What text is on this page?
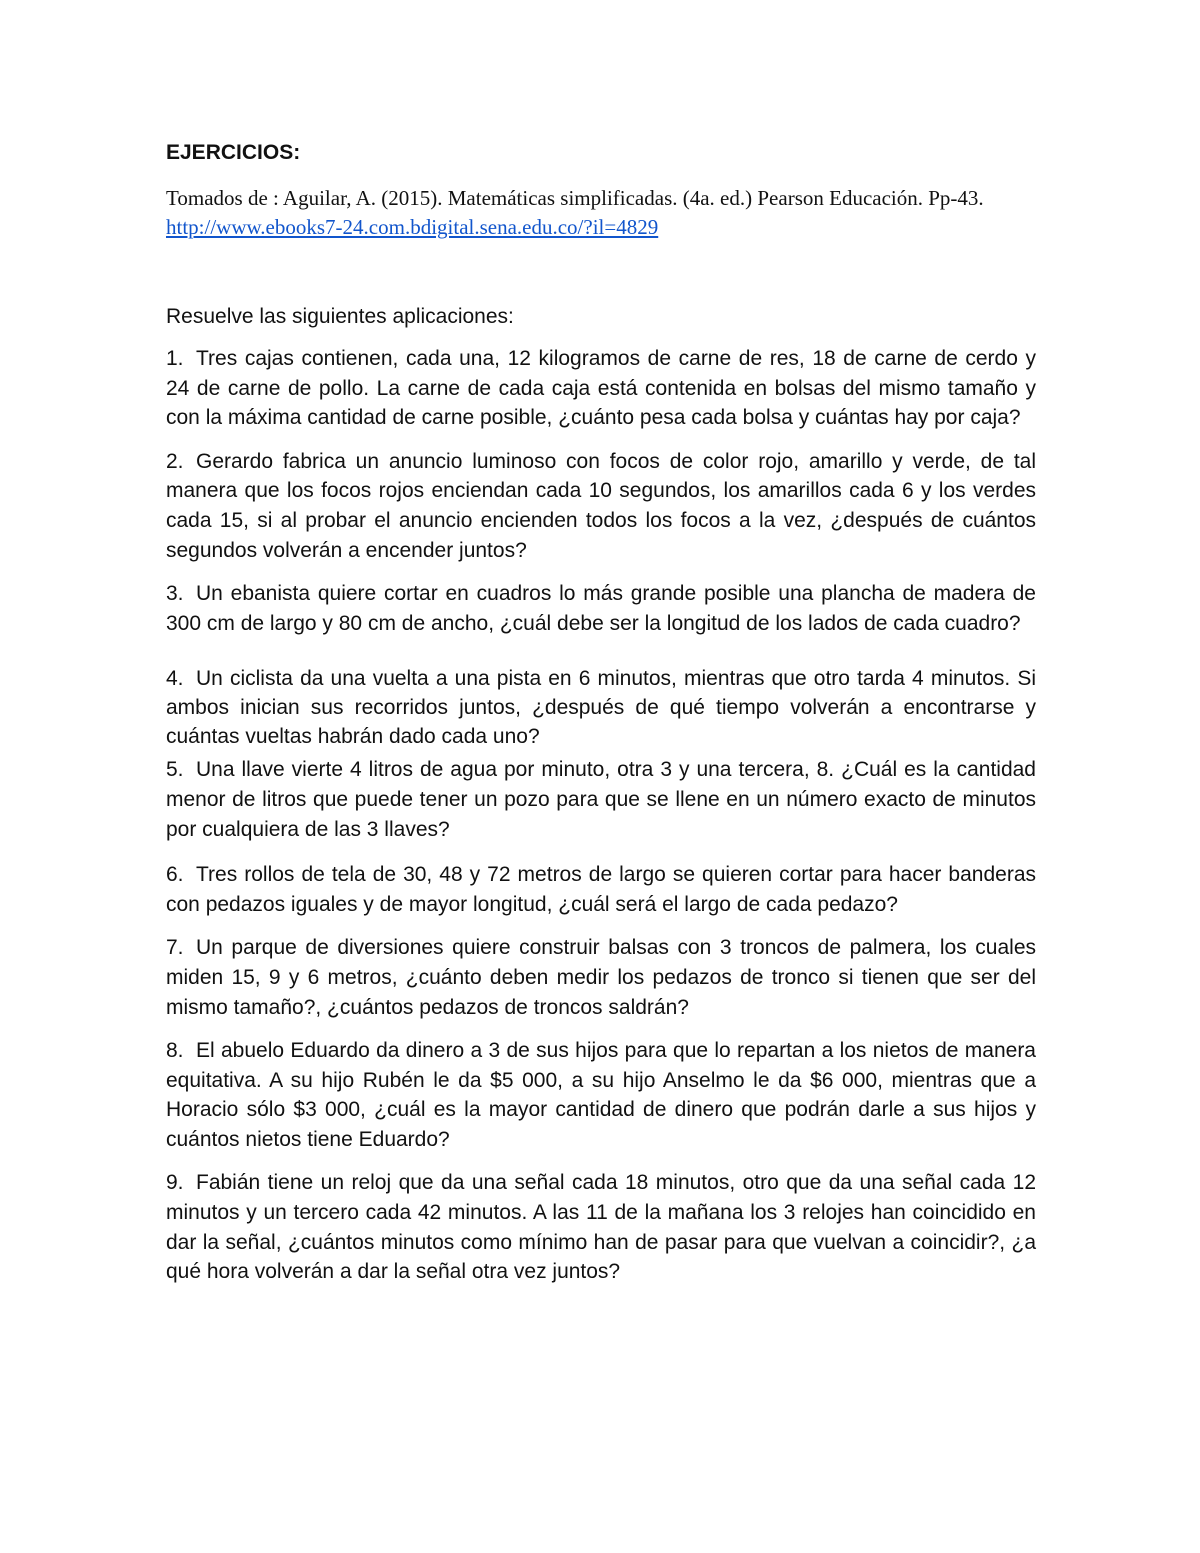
EJERCICIOS:

Tomados de : Aguilar, A. (2015). Matemáticas simplificadas. (4a. ed.) Pearson Educación. Pp-43. http://www.ebooks7-24.com.bdigital.sena.edu.co/?il=4829

Resuelve las siguientes aplicaciones:

1. Tres cajas contienen, cada una, 12 kilogramos de carne de res, 18 de carne de cerdo y 24 de carne de pollo. La carne de cada caja está contenida en bolsas del mismo tamaño y con la máxima cantidad de carne posible, ¿cuánto pesa cada bolsa y cuántas hay por caja?

2. Gerardo fabrica un anuncio luminoso con focos de color rojo, amarillo y verde, de tal manera que los focos rojos enciendan cada 10 segundos, los amarillos cada 6 y los verdes cada 15, si al probar el anuncio encienden todos los focos a la vez, ¿después de cuántos segundos volverán a encender juntos?

3. Un ebanista quiere cortar en cuadros lo más grande posible una plancha de madera de 300 cm de largo y 80 cm de ancho, ¿cuál debe ser la longitud de los lados de cada cuadro?

4. Un ciclista da una vuelta a una pista en 6 minutos, mientras que otro tarda 4 minutos. Si ambos inician sus recorridos juntos, ¿después de qué tiempo volverán a encontrarse y cuántas vueltas habrán dado cada uno?

5. Una llave vierte 4 litros de agua por minuto, otra 3 y una tercera, 8. ¿Cuál es la cantidad menor de litros que puede tener un pozo para que se llene en un número exacto de minutos por cualquiera de las 3 llaves?

6. Tres rollos de tela de 30, 48 y 72 metros de largo se quieren cortar para hacer banderas con pedazos iguales y de mayor longitud, ¿cuál será el largo de cada pedazo?

7. Un parque de diversiones quiere construir balsas con 3 troncos de palmera, los cuales miden 15, 9 y 6 metros, ¿cuánto deben medir los pedazos de tronco si tienen que ser del mismo tamaño?, ¿cuántos pedazos de troncos saldrán?

8. El abuelo Eduardo da dinero a 3 de sus hijos para que lo repartan a los nietos de manera equitativa. A su hijo Rubén le da $5 000, a su hijo Anselmo le da $6 000, mientras que a Horacio sólo $3 000, ¿cuál es la mayor cantidad de dinero que podrán darle a sus hijos y cuántos nietos tiene Eduardo?

9. Fabián tiene un reloj que da una señal cada 18 minutos, otro que da una señal cada 12 minutos y un tercero cada 42 minutos. A las 11 de la mañana los 3 relojes han coincidido en dar la señal, ¿cuántos minutos como mínimo han de pasar para que vuelvan a coincidir?, ¿a qué hora volverán a dar la señal otra vez juntos?
